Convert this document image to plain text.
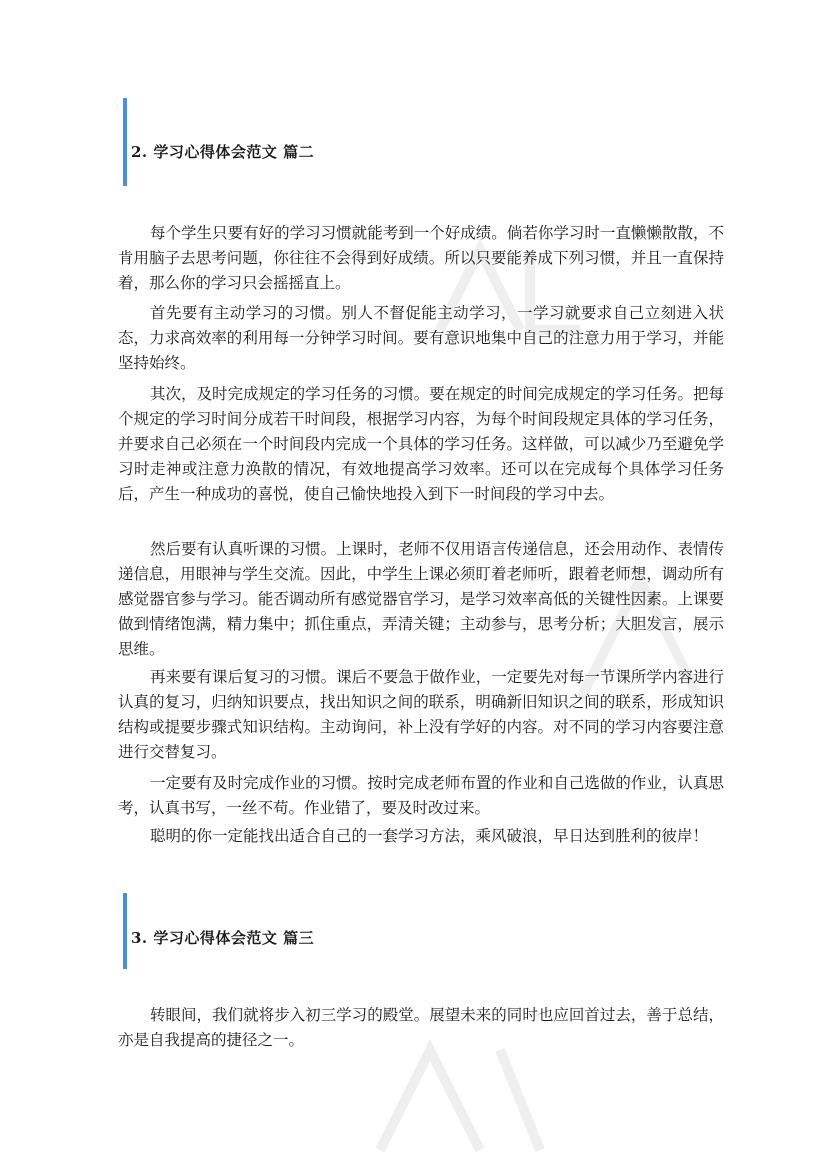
2. 学习心得体会范文 篇二

每个学生只要有好的学习习惯就能考到一个好成绩。倘若你学习时一直懒懒散散，不肯用脑子去思考问题，你往往不会得到好成绩。所以只要能养成下列习惯，并且一直保持着，那么你的学习只会摇摇直上。

首先要有主动学习的习惯。别人不督促能主动学习，一学习就要求自己立刻进入状态，力求高效率的利用每一分钟学习时间。要有意识地集中自己的注意力用于学习，并能坚持始终。

其次，及时完成规定的学习任务的习惯。要在规定的时间完成规定的学习任务。把每个规定的学习时间分成若干时间段，根据学习内容，为每个时间段规定具体的学习任务，并要求自己必须在一个时间段内完成一个具体的学习任务。这样做，可以减少乃至避免学习时走神或注意力涣散的情况，有效地提高学习效率。还可以在完成每个具体学习任务后，产生一种成功的喜悦，使自己愉快地投入到下一时间段的学习中去。

然后要有认真听课的习惯。上课时，老师不仅用语言传递信息，还会用动作、表情传递信息，用眼神与学生交流。因此，中学生上课必须盯着老师听，跟着老师想，调动所有感觉器官参与学习。能否调动所有感觉器官学习，是学习效率高低的关键性因素。上课要做到情绪饱满，精力集中；抓住重点，弄清关键；主动参与，思考分析；大胆发言，展示思维。

再来要有课后复习的习惯。课后不要急于做作业，一定要先对每一节课所学内容进行认真的复习，归纳知识要点，找出知识之间的联系，明确新旧知识之间的联系，形成知识结构或提要步骤式知识结构。主动询问，补上没有学好的内容。对不同的学习内容要注意进行交替复习。

一定要有及时完成作业的习惯。按时完成老师布置的作业和自己选做的作业，认真思考，认真书写，一丝不苟。作业错了，要及时改过来。

聪明的你一定能找出适合自己的一套学习方法，乘风破浪，早日达到胜利的彼岸！

3. 学习心得体会范文 篇三

转眼间，我们就将步入初三学习的殿堂。展望未来的同时也应回首过去，善于总结，亦是自我提高的捷径之一。
